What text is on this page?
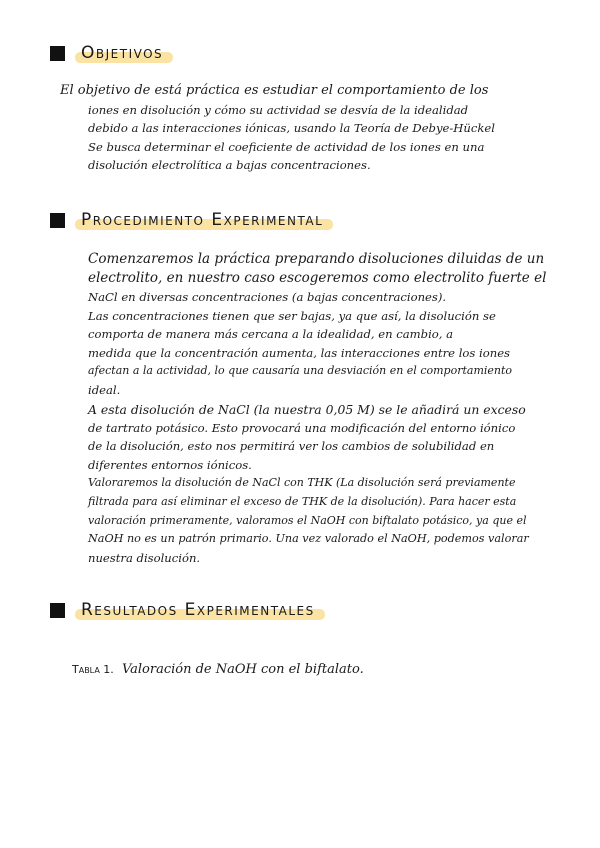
Objetivos
El objetivo de está práctica es estudiar el comportamiento de los
iones en disolución y cómo su actividad se desvía de la idealidad
debido a las interacciones iónicas, usando la Teoría de Debye-Hückel
Se busca determinar el coeficiente de actividad de los iones en una
disolución electrolítica a bajas concentraciones.
Procedimiento Experimental
Comenzaremos la práctica preparando disoluciones diluidas de un
electrolito, en nuestro caso escogeremos como electrolito fuerte el
NaCl en diversas concentraciones (a bajas concentraciones).
Las concentraciones tienen que ser bajas, ya que así, la disolución se
comporta de manera más cercana a la idealidad, en cambio, a
medida que la concentración aumenta, las interacciones entre los iones
afectan a la actividad, lo que causaría una desviación en el comportamiento
ideal.
A esta disolución de NaCl (la nuestra 0,05 M) se le añadirá un exceso
de tartrato potásico. Esto provocará una modificación del entorno iónico
de la disolución, esto nos permitirá ver los cambios de solubilidad en
diferentes entornos iónicos.
Valoraremos la disolución de NaCl con THK (La disolución será previamente
filtrada para así eliminar el exceso de THK de la disolución). Para hacer esta
valoración primeramente, valoramos el NaOH con biftalato potásico, ya que el
NaOH no es un patrón primario. Una vez valorado el NaOH, podemos valorar
nuestra disolución.
Resultados Experimentales
Tabla 1. Valoración de NaOH con el biftalato.
